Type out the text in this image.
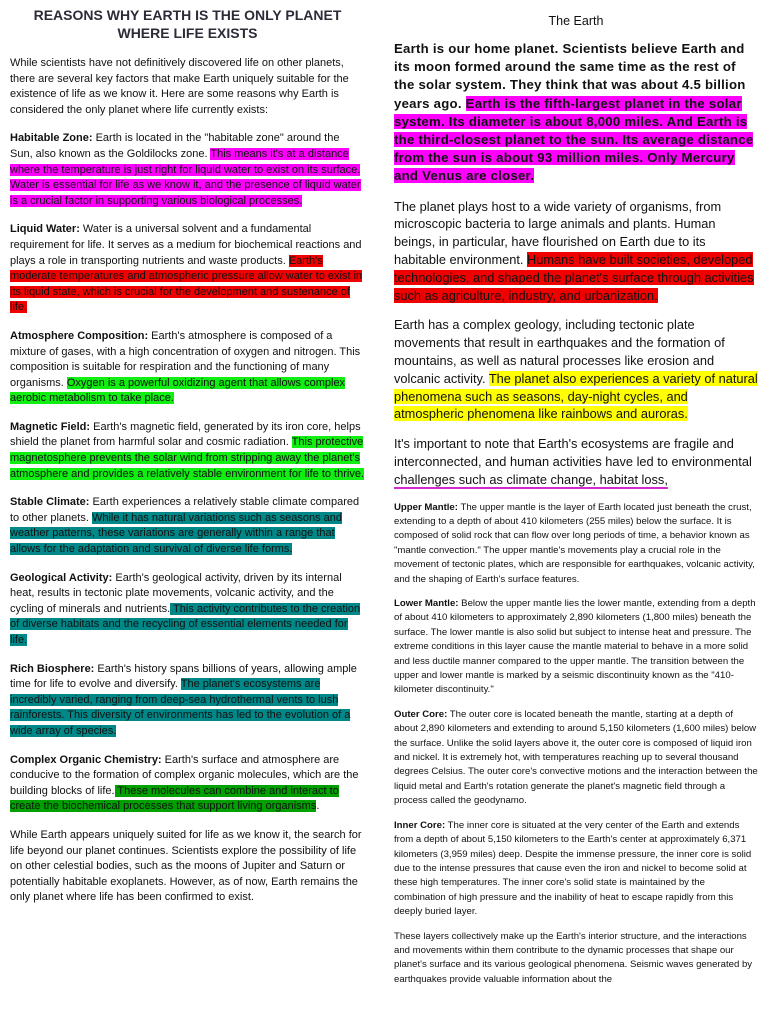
REASONS WHY EARTH IS THE ONLY PLANET WHERE LIFE EXISTS

While scientists have not definitively discovered life on other planets, there are several key factors that make Earth uniquely suitable for the existence of life as we know it. Here are some reasons why Earth is considered the only planet where life currently exists:

Habitable Zone: Earth is located in the "habitable zone" around the Sun, also known as the Goldilocks zone. This means it's at a distance where the temperature is just right for liquid water to exist on its surface. Water is essential for life as we know it, and the presence of liquid water is a crucial factor in supporting various biological processes.

Liquid Water: Water is a universal solvent and a fundamental requirement for life. It serves as a medium for biochemical reactions and plays a role in transporting nutrients and waste products. Earth's moderate temperatures and atmospheric pressure allow water to exist in its liquid state, which is crucial for the development and sustenance of life.

Atmosphere Composition: Earth's atmosphere is composed of a mixture of gases, with a high concentration of oxygen and nitrogen. This composition is suitable for respiration and the functioning of many organisms. Oxygen is a powerful oxidizing agent that allows complex aerobic metabolism to take place.

Magnetic Field: Earth's magnetic field, generated by its iron core, helps shield the planet from harmful solar and cosmic radiation. This protective magnetosphere prevents the solar wind from stripping away the planet's atmosphere and provides a relatively stable environment for life to thrive.

Stable Climate: Earth experiences a relatively stable climate compared to other planets. While it has natural variations such as seasons and weather patterns, these variations are generally within a range that allows for the adaptation and survival of diverse life forms.

Geological Activity: Earth's geological activity, driven by its internal heat, results in tectonic plate movements, volcanic activity, and the cycling of minerals and nutrients. This activity contributes to the creation of diverse habitats and the recycling of essential elements needed for life.

Rich Biosphere: Earth's history spans billions of years, allowing ample time for life to evolve and diversify. The planet's ecosystems are incredibly varied, ranging from deep-sea hydrothermal vents to lush rainforests. This diversity of environments has led to the evolution of a wide array of species.

Complex Organic Chemistry: Earth's surface and atmosphere are conducive to the formation of complex organic molecules, which are the building blocks of life. These molecules can combine and interact to create the biochemical processes that support living organisms.

While Earth appears uniquely suited for life as we know it, the search for life beyond our planet continues. Scientists explore the possibility of life on other celestial bodies, such as the moons of Jupiter and Saturn or potentially habitable exoplanets. However, as of now, Earth remains the only planet where life has been confirmed to exist.

The Earth

Earth is our home planet. Scientists believe Earth and its moon formed around the same time as the rest of the solar system. They think that was about 4.5 billion years ago. Earth is the fifth-largest planet in the solar system. Its diameter is about 8,000 miles. And Earth is the third-closest planet to the sun. Its average distance from the sun is about 93 million miles. Only Mercury and Venus are closer.

The planet plays host to a wide variety of organisms, from microscopic bacteria to large animals and plants. Human beings, in particular, have flourished on Earth due to its habitable environment. Humans have built societies, developed technologies, and shaped the planet's surface through activities such as agriculture, industry, and urbanization.

Earth has a complex geology, including tectonic plate movements that result in earthquakes and the formation of mountains, as well as natural processes like erosion and volcanic activity. The planet also experiences a variety of natural phenomena such as seasons, day-night cycles, and atmospheric phenomena like rainbows and auroras.

It's important to note that Earth's ecosystems are fragile and interconnected, and human activities have led to environmental challenges such as climate change, habitat loss,

Upper Mantle: The upper mantle is the layer of Earth located just beneath the crust, extending to a depth of about 410 kilometers (255 miles) below the surface. It is composed of solid rock that can flow over long periods of time, a behavior known as "mantle convection." The upper mantle's movements play a crucial role in the movement of tectonic plates, which are responsible for earthquakes, volcanic activity, and the shaping of Earth's surface features.

Lower Mantle: Below the upper mantle lies the lower mantle, extending from a depth of about 410 kilometers to approximately 2,890 kilometers (1,800 miles) beneath the surface. The lower mantle is also solid but subject to intense heat and pressure. The extreme conditions in this layer cause the mantle material to behave in a more solid and less ductile manner compared to the upper mantle. The transition between the upper and lower mantle is marked by a seismic discontinuity known as the "410-kilometer discontinuity."

Outer Core: The outer core is located beneath the mantle, starting at a depth of about 2,890 kilometers and extending to around 5,150 kilometers (1,600 miles) below the surface. Unlike the solid layers above it, the outer core is composed of liquid iron and nickel. It is extremely hot, with temperatures reaching up to several thousand degrees Celsius. The outer core's convective motions and the interaction between the liquid metal and Earth's rotation generate the planet's magnetic field through a process called the geodynamo.

Inner Core: The inner core is situated at the very center of the Earth and extends from a depth of about 5,150 kilometers to the Earth's center at approximately 6,371 kilometers (3,959 miles) deep. Despite the immense pressure, the inner core is solid due to the intense pressures that cause even the iron and nickel to become solid at these high temperatures. The inner core's solid state is maintained by the combination of high pressure and the inability of heat to escape rapidly from this deeply buried layer.

These layers collectively make up the Earth's interior structure, and the interactions and movements within them contribute to the dynamic processes that shape our planet's surface and its various geological phenomena. Seismic waves generated by earthquakes provide valuable information about the
